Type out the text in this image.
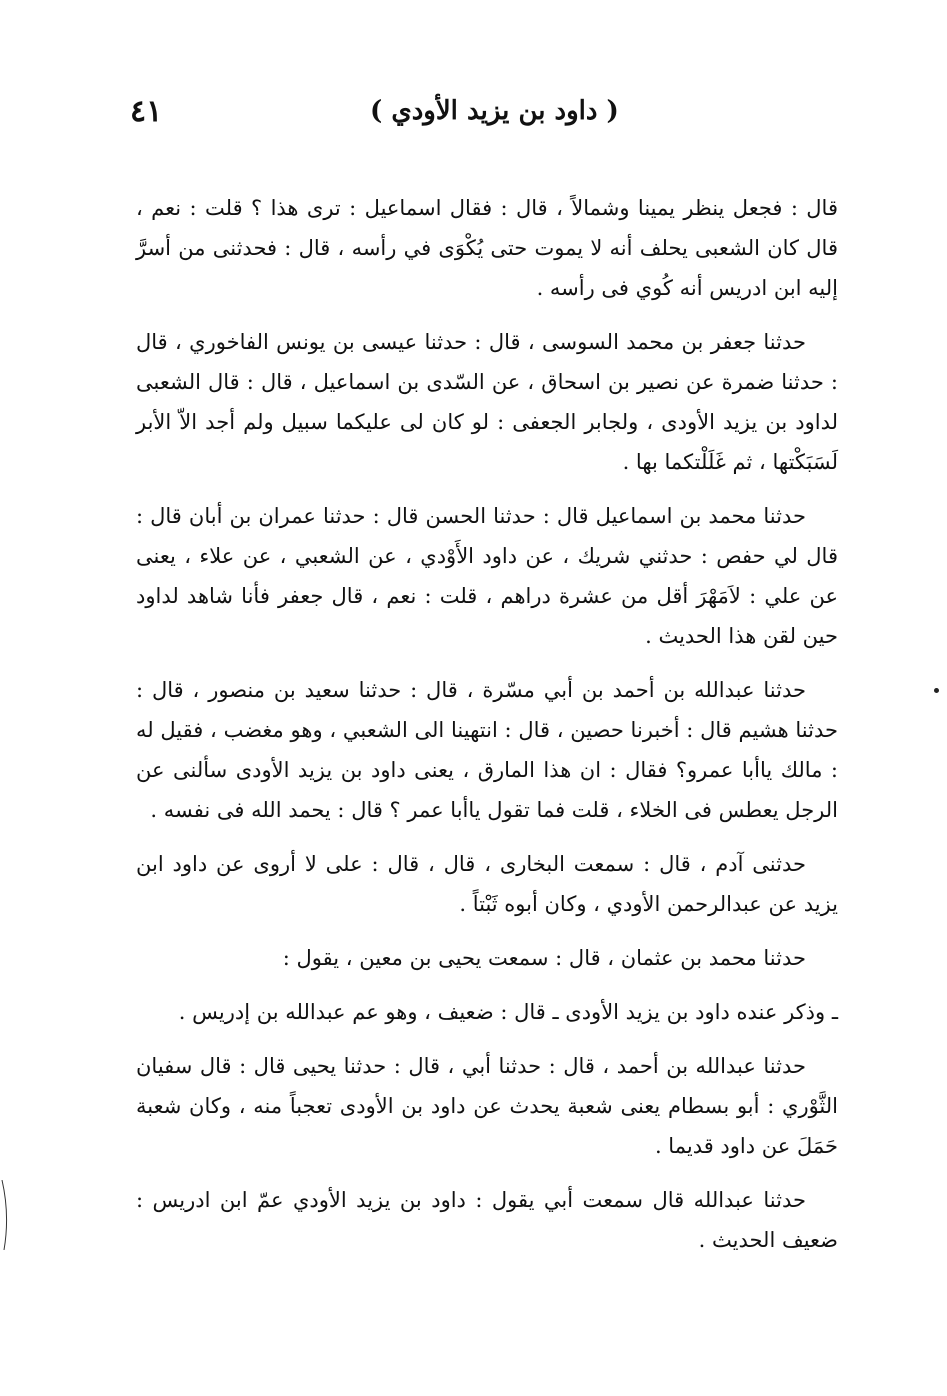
٤١	( داود بن يزيد الأودي )

قال : فجعل ينظر يمينا وشمالاً ، قال : فقال اسماعيل : ترى هذا ؟ قلت : نعم ، قال كان الشعبى يحلف أنه لا يموت حتى يُكْوَى في رأسه ، قال : فحدثنى من أسرَّ إليه ابن ادريس أنه كُوي فى رأسه .

حدثنا جعفر بن محمد السوسى ، قال : حدثنا عيسى بن يونس الفاخوري ، قال : حدثنا ضمرة عن نصير بن اسحاق ، عن السّدى بن اسماعيل ، قال : قال الشعبى لداود بن يزيد الأودى ، ولجابر الجعفى : لو كان لى عليكما سبيل ولم أجد الاّ الأبر لَسَبَكْتها ، ثم غَلَلْتكما بها .

حدثنا محمد بن اسماعيل قال : حدثنا الحسن قال : حدثنا عمران بن أبان قال : قال لي حفص : حدثني شريك ، عن داود الأَوْدي ، عن الشعبي ، عن علاء ، يعنى عن علي : لاَمَهْرَ أقل من عشرة دراهم ، قلت : نعم ، قال جعفر فأنا شاهد لداود حين لقن هذا الحديث .

حدثنا عبدالله بن أحمد بن أبي مسّرة ، قال : حدثنا سعيد بن منصور ، قال : حدثنا هشيم قال : أخبرنا حصين ، قال : انتهينا الى الشعبي ، وهو مغضب ، فقيل له : مالك ياأبا عمرو؟ فقال : ان هذا المارق ، يعنى داود بن يزيد الأودى سألنى عن الرجل يعطس فى الخلاء ، قلت فما تقول ياأبا عمر ؟ قال : يحمد الله فى نفسه .

حدثنى آدم ، قال : سمعت البخارى ، قال ، قال : على لا أروى عن داود ابن يزيد عن عبدالرحمن الأودي ، وكان أبوه ثَبْتاً .

حدثنا محمد بن عثمان ، قال : سمعت يحيى بن معين ، يقول :

ـ وذكر عنده داود بن يزيد الأودى ـ قال : ضعيف ، وهو عم عبدالله بن إدريس .

حدثنا عبدالله بن أحمد ، قال : حدثنا أبي ، قال : حدثنا يحيى قال : قال سفيان الثَّوْري : أبو بسطام يعنى شعبة يحدث عن داود بن الأودى تعجباً منه ، وكان شعبة حَمَلَ عن داود قديما .

حدثنا عبدالله قال سمعت أبي يقول : داود بن يزيد الأودي عمّ ابن ادريس : ضعيف الحديث .
